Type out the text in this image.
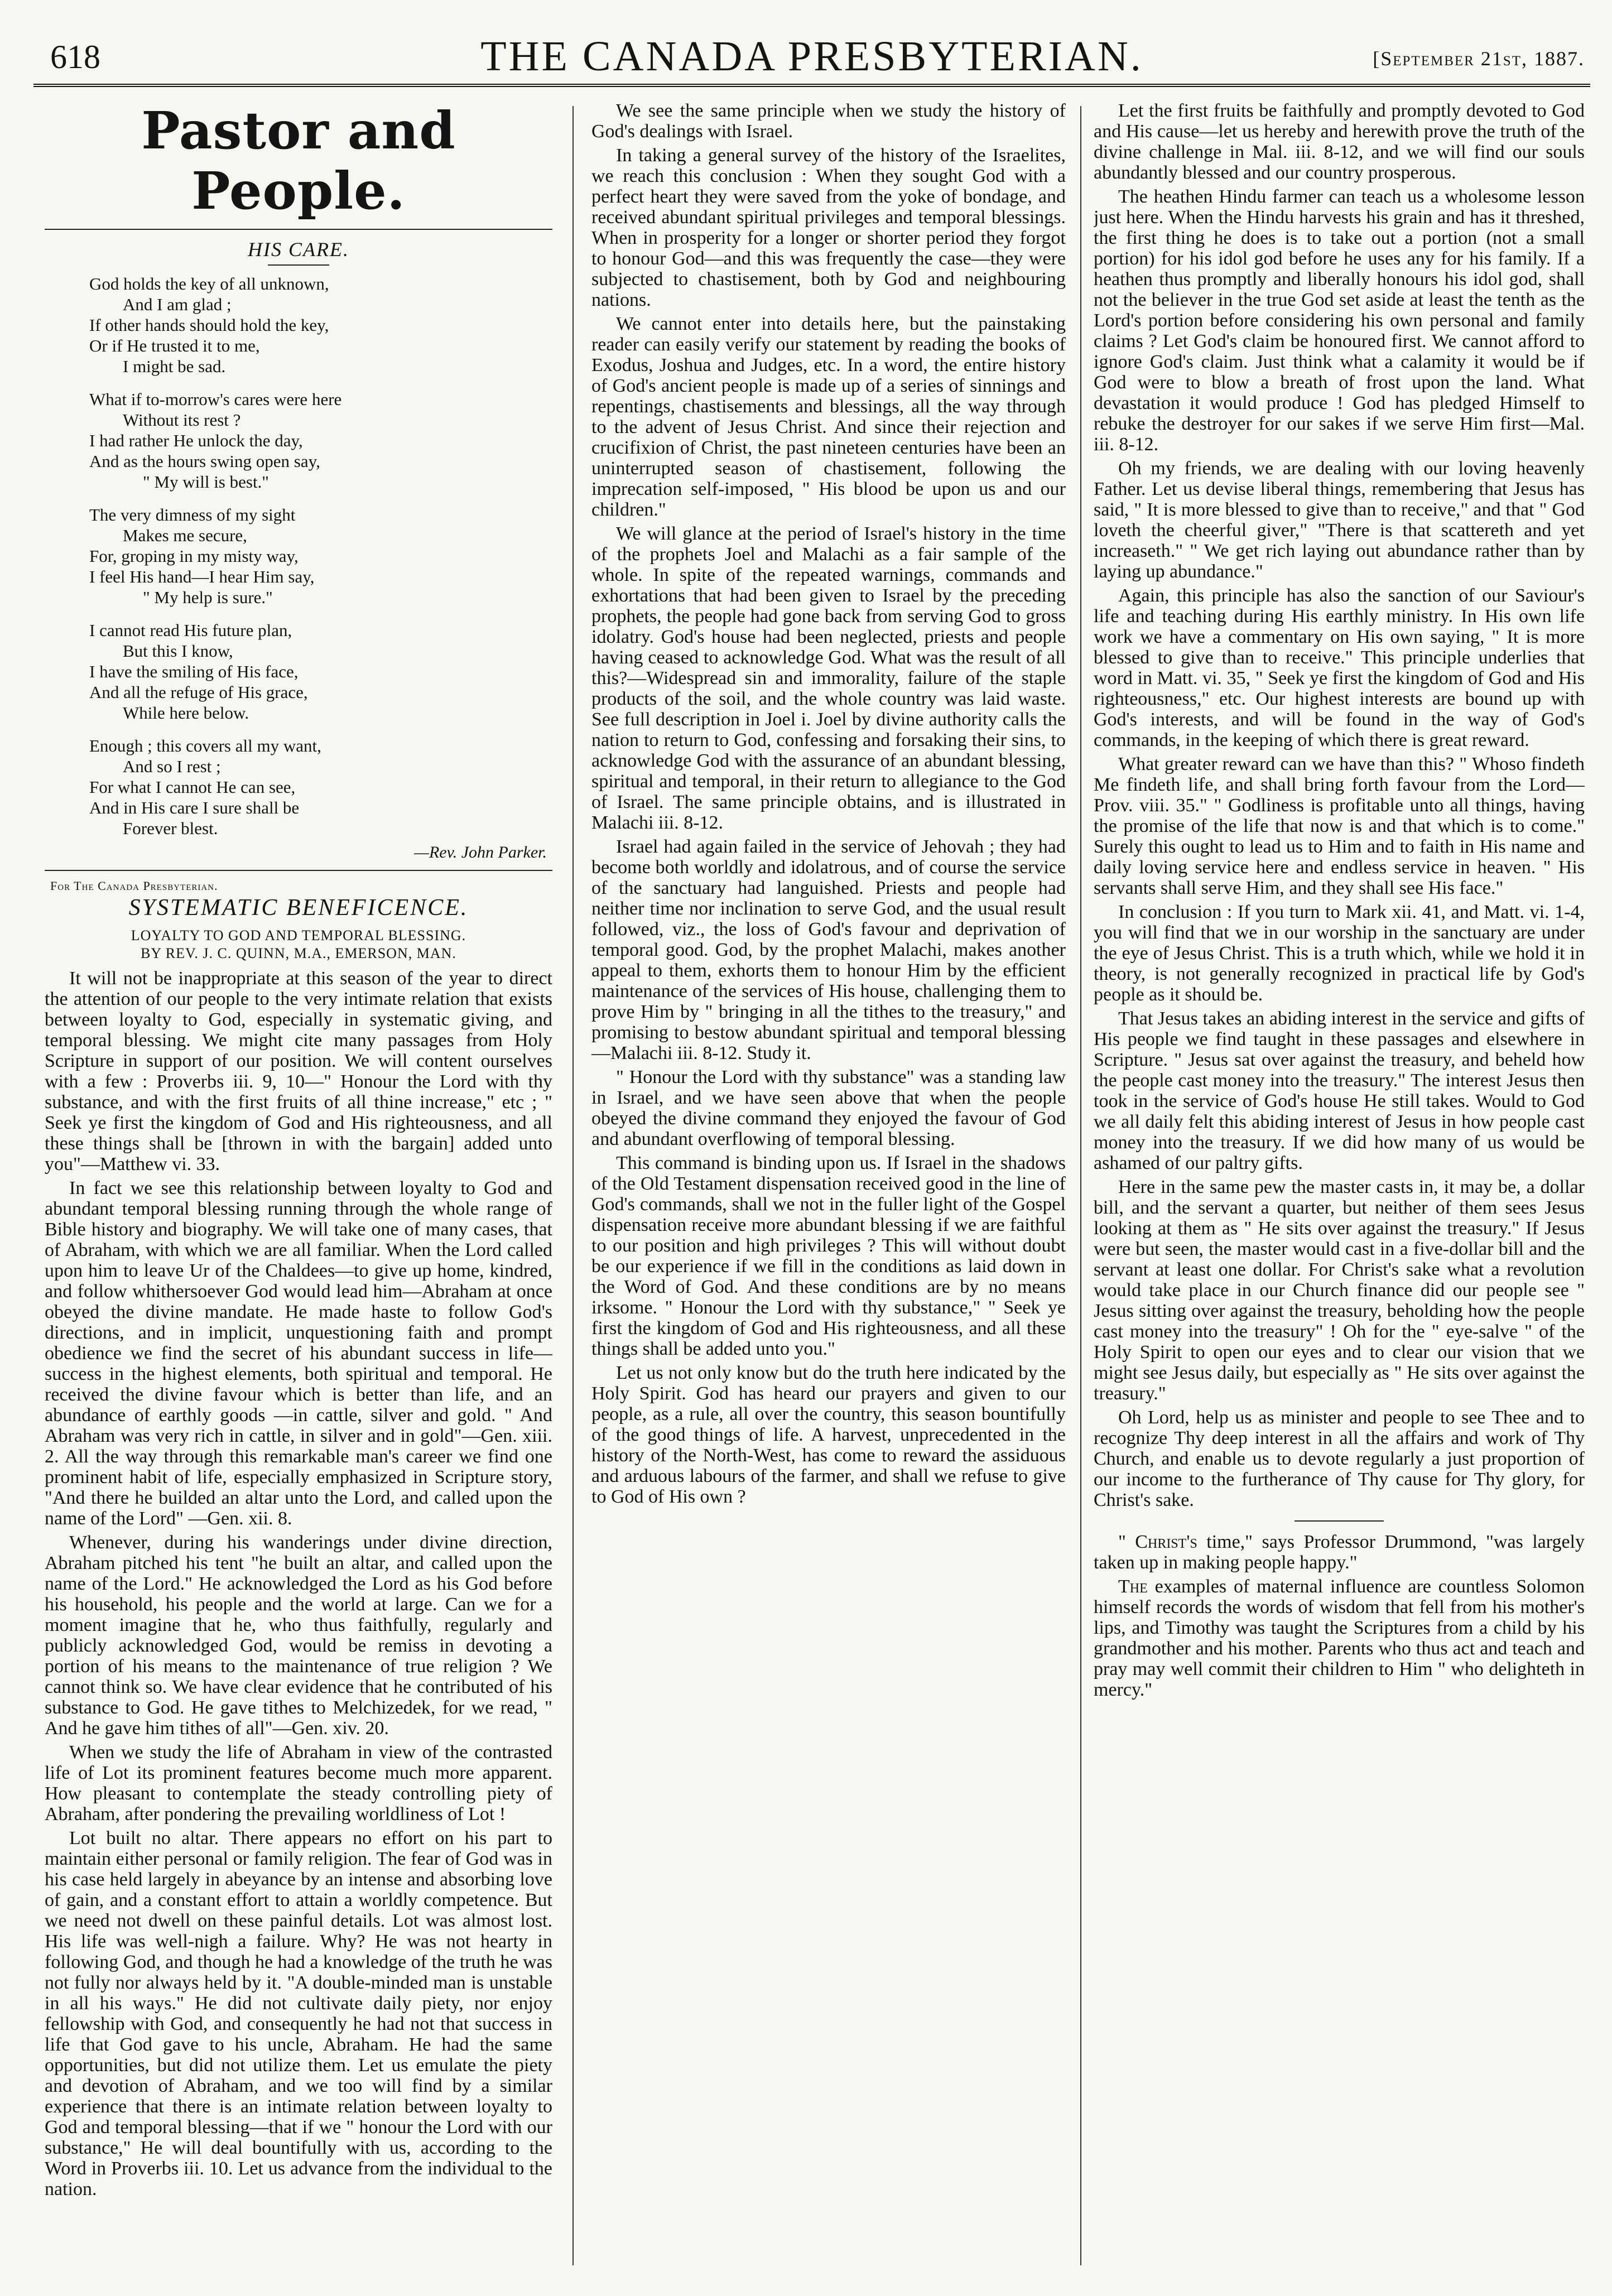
618	THE CANADA PRESBYTERIAN.	[September 21st, 1887.
Pastor and People.
HIS CARE.
God holds the key of all unknown,
And I am glad ;
If other hands should hold the key,
Or if He trusted it to me,
I might be sad.
What if to-morrow's cares were here
Without its rest ?
I had rather He unlock the day,
And as the hours swing open say,
" My will is best."
The very dimness of my sight
Makes me secure,
For, groping in my misty way,
I feel His hand—I hear Him say,
" My help is sure."
I cannot read His future plan,
But this I know,
I have the smiling of His face,
And all the refuge of His grace,
While here below.
Enough ; this covers all my want,
And so I rest ;
For what I cannot He can see,
And in His care I sure shall be
Forever blest.
—Rev. John Parker.
For The Canada Presbyterian.
SYSTEMATIC BENEFICENCE.
LOYALTY TO GOD AND TEMPORAL BLESSING.
BY REV. J. C. QUINN, M.A., EMERSON, MAN.

It will not be inappropriate at this season of the year to direct the attention of our people to the very intimate relation that exists between loyalty to God, especially in systematic giving, and temporal blessing. We might cite many passages from Holy Scripture in support of our position. We will content ourselves with a few : Proverbs iii. 9, 10—" Honour the Lord with thy substance, and with the first fruits of all thine increase," etc ; " Seek ye first the kingdom of God and His righteousness, and all these things shall be [thrown in with the bargain] added unto you"—Matthew vi. 33.

In fact we see this relationship between loyalty to God and abundant temporal blessing running through the whole range of Bible history and biography. We will take one of many cases, that of Abraham, with which we are all familiar. When the Lord called upon him to leave Ur of the Chaldees—to give up home, kindred, and follow whithersoever God would lead him—Abraham at once obeyed the divine mandate. He made haste to follow God's directions, and in implicit, unquestioning faith and prompt obedience we find the secret of his abundant success in life—success in the highest elements, both spiritual and temporal. He received the divine favour which is better than life, and an abundance of earthly goods —in cattle, silver and gold. " And Abraham was very rich in cattle, in silver and in gold"—Gen. xiii. 2. All the way through this remarkable man's career we find one prominent habit of life, especially emphasized in Scripture story, "And there he builded an altar unto the Lord, and called upon the name of the Lord" —Gen. xii. 8.

Whenever, during his wanderings under divine direction, Abraham pitched his tent "he built an altar, and called upon the name of the Lord." He acknowledged the Lord as his God before his household, his people and the world at large. Can we for a moment imagine that he, who thus faithfully, regularly and publicly acknowledged God, would be remiss in devoting a portion of his means to the maintenance of true religion ? We cannot think so. We have clear evidence that he contributed of his substance to God. He gave tithes to Melchizedek, for we read, " And he gave him tithes of all"—Gen. xiv. 20.

When we study the life of Abraham in view of the contrasted life of Lot its prominent features become much more apparent. How pleasant to contemplate the steady controlling piety of Abraham, after pondering the prevailing worldliness of Lot !

Lot built no altar. There appears no effort on his part to maintain either personal or family religion. The fear of God was in his case held largely in abeyance by an intense and absorbing love of gain, and a constant effort to attain a worldly competence. But we need not dwell on these painful details. Lot was almost lost. His life was well-nigh a failure. Why? He was not hearty in following God, and though he had a knowledge of the truth he was not fully nor always held by it. "A double-minded man is unstable in all his ways." He did not cultivate daily piety, nor enjoy fellowship with God, and consequently he had not that success in life that God gave to his uncle, Abraham. He had the same opportunities, but did not utilize them. Let us emulate the piety and devotion of Abraham, and we too will find by a similar experience that there is an intimate relation between loyalty to God and temporal blessing—that if we " honour the Lord with our substance," He will deal bountifully with us, according to the Word in Proverbs iii. 10. Let us advance from the individual to the nation.

We see the same principle when we study the history of God's dealings with Israel.

In taking a general survey of the history of the Israelites, we reach this conclusion : When they sought God with a perfect heart they were saved from the yoke of bondage, and received abundant spiritual privileges and temporal blessings. When in prosperity for a longer or shorter period they forgot to honour God—and this was frequently the case—they were subjected to chastisement, both by God and neighbouring nations.

We cannot enter into details here, but the painstaking reader can easily verify our statement by reading the books of Exodus, Joshua and Judges, etc. In a word, the entire history of God's ancient people is made up of a series of sinnings and repentings, chastisements and blessings, all the way through to the advent of Jesus Christ. And since their rejection and crucifixion of Christ, the past nineteen centuries have been an uninterrupted season of chastisement, following the imprecation self-imposed, " His blood be upon us and our children."

We will glance at the period of Israel's history in the time of the prophets Joel and Malachi as a fair sample of the whole. In spite of the repeated warnings, commands and exhortations that had been given to Israel by the preceding prophets, the people had gone back from serving God to gross idolatry. God's house had been neglected, priests and people having ceased to acknowledge God. What was the result of all this?—Widespread sin and immorality, failure of the staple products of the soil, and the whole country was laid waste. See full description in Joel i. Joel by divine authority calls the nation to return to God, confessing and forsaking their sins, to acknowledge God with the assurance of an abundant blessing, spiritual and temporal, in their return to allegiance to the God of Israel. The same principle obtains, and is illustrated in Malachi iii. 8-12.

Israel had again failed in the service of Jehovah ; they had become both worldly and idolatrous, and of course the service of the sanctuary had languished. Priests and people had neither time nor inclination to serve God, and the usual result followed, viz., the loss of God's favour and deprivation of temporal good. God, by the prophet Malachi, makes another appeal to them, exhorts them to honour Him by the efficient maintenance of the services of His house, challenging them to prove Him by " bringing in all the tithes to the treasury," and promising to bestow abundant spiritual and temporal blessing—Malachi iii. 8-12. Study it.

" Honour the Lord with thy substance" was a standing law in Israel, and we have seen above that when the people obeyed the divine command they enjoyed the favour of God and abundant overflowing of temporal blessing.

This command is binding upon us. If Israel in the shadows of the Old Testament dispensation received good in the line of God's commands, shall we not in the fuller light of the Gospel dispensation receive more abundant blessing if we are faithful to our position and high privileges ? This will without doubt be our experience if we fill in the conditions as laid down in the Word of God. And these conditions are by no means irksome. " Honour the Lord with thy substance," " Seek ye first the kingdom of God and His righteousness, and all these things shall be added unto you."

Let us not only know but do the truth here indicated by the Holy Spirit. God has heard our prayers and given to our people, as a rule, all over the country, this season bountifully of the good things of life. A harvest, unprecedented in the history of the North-West, has come to reward the assiduous and arduous labours of the farmer, and shall we refuse to give to God of His own ?

Let the first fruits be faithfully and promptly devoted to God and His cause—let us hereby and herewith prove the truth of the divine challenge in Mal. iii. 8-12, and we will find our souls abundantly blessed and our country prosperous.

The heathen Hindu farmer can teach us a wholesome lesson just here. When the Hindu harvests his grain and has it threshed, the first thing he does is to take out a portion (not a small portion) for his idol god before he uses any for his family. If a heathen thus promptly and liberally honours his idol god, shall not the believer in the true God set aside at least the tenth as the Lord's portion before considering his own personal and family claims ? Let God's claim be honoured first. We cannot afford to ignore God's claim. Just think what a calamity it would be if God were to blow a breath of frost upon the land. What devastation it would produce ! God has pledged Himself to rebuke the destroyer for our sakes if we serve Him first—Mal. iii. 8-12.

Oh my friends, we are dealing with our loving heavenly Father. Let us devise liberal things, remembering that Jesus has said, " It is more blessed to give than to receive," and that " God loveth the cheerful giver," "There is that scattereth and yet increaseth." " We get rich laying out abundance rather than by laying up abundance."

Again, this principle has also the sanction of our Saviour's life and teaching during His earthly ministry. In His own life work we have a commentary on His own saying, " It is more blessed to give than to receive." This principle underlies that word in Matt. vi. 35, " Seek ye first the kingdom of God and His righteousness," etc. Our highest interests are bound up with God's interests, and will be found in the way of God's commands, in the keeping of which there is great reward.

What greater reward can we have than this? " Whoso findeth Me findeth life, and shall bring forth favour from the Lord—Prov. viii. 35." " Godliness is profitable unto all things, having the promise of the life that now is and that which is to come." Surely this ought to lead us to Him and to faith in His name and daily loving service here and endless service in heaven. " His servants shall serve Him, and they shall see His face."

In conclusion : If you turn to Mark xii. 41, and Matt. vi. 1-4, you will find that we in our worship in the sanctuary are under the eye of Jesus Christ. This is a truth which, while we hold it in theory, is not generally recognized in practical life by God's people as it should be.

That Jesus takes an abiding interest in the service and gifts of His people we find taught in these passages and elsewhere in Scripture. " Jesus sat over against the treasury, and beheld how the people cast money into the treasury." The interest Jesus then took in the service of God's house He still takes. Would to God we all daily felt this abiding interest of Jesus in how people cast money into the treasury. If we did how many of us would be ashamed of our paltry gifts.

Here in the same pew the master casts in, it may be, a dollar bill, and the servant a quarter, but neither of them sees Jesus looking at them as " He sits over against the treasury." If Jesus were but seen, the master would cast in a five-dollar bill and the servant at least one dollar. For Christ's sake what a revolution would take place in our Church finance did our people see " Jesus sitting over against the treasury, beholding how the people cast money into the treasury" ! Oh for the " eye-salve " of the Holy Spirit to open our eyes and to clear our vision that we might see Jesus daily, but especially as " He sits over against the treasury."

Oh Lord, help us as minister and people to see Thee and to recognize Thy deep interest in all the affairs and work of Thy Church, and enable us to devote regularly a just proportion of our income to the furtherance of Thy cause for Thy glory, for Christ's sake.

" Christ's time," says Professor Drummond, "was largely taken up in making people happy."

The examples of maternal influence are countless Solomon himself records the words of wisdom that fell from his mother's lips, and Timothy was taught the Scriptures from a child by his grandmother and his mother. Parents who thus act and teach and pray may well commit their children to Him " who delighteth in mercy."
